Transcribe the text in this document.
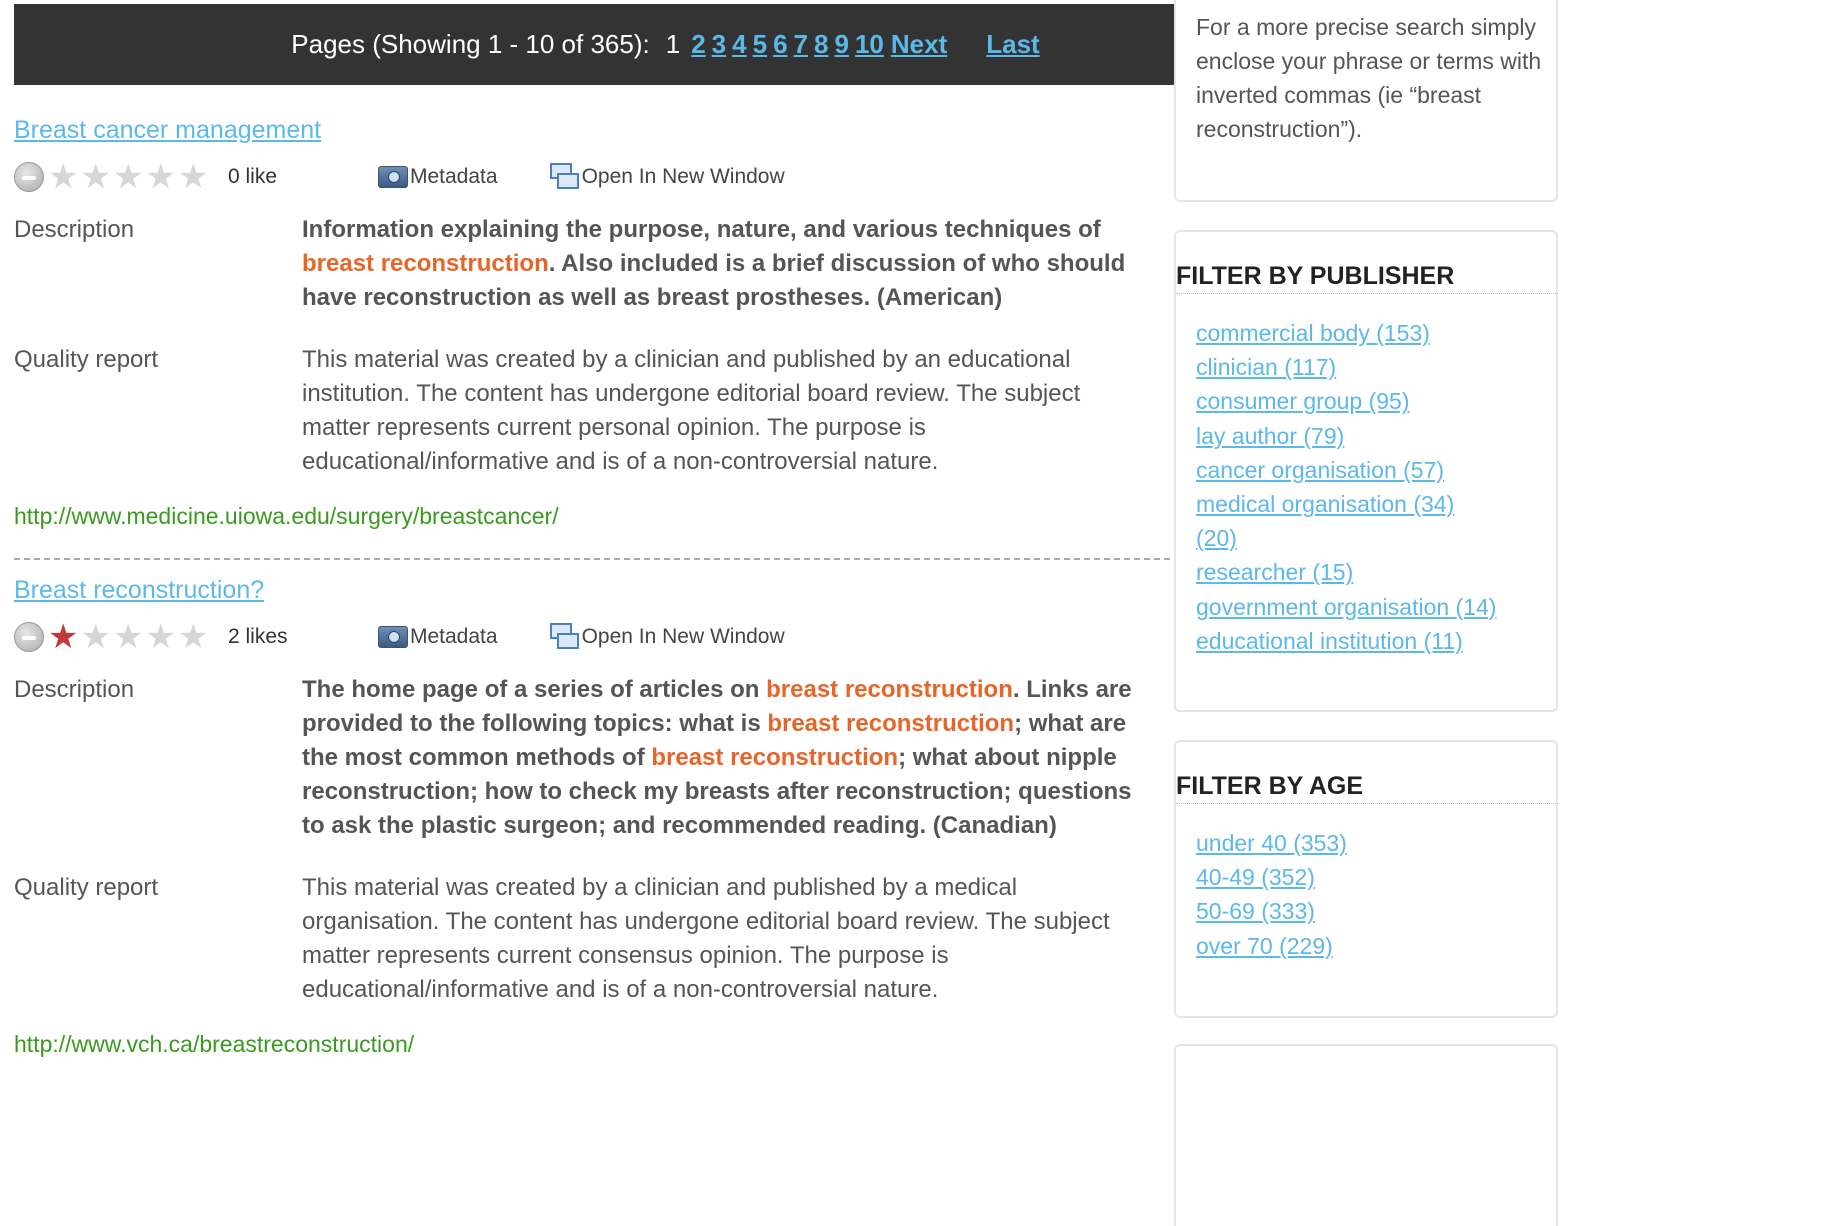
Pages (Showing 1 - 10 of 365): 1 2 3 4 5 6 7 8 9 10 Next Last
Breast cancer management
★ ★ ★ ★ ★ 0 like	Metadata	Open In New Window
Description	Information explaining the purpose, nature, and various techniques of breast reconstruction. Also included is a brief discussion of who should have reconstruction as well as breast prostheses. (American)
Quality report	This material was created by a clinician and published by an educational institution. The content has undergone editorial board review. The subject matter represents current personal opinion. The purpose is educational/informative and is of a non-controversial nature.
http://www.medicine.uiowa.edu/surgery/breastcancer/
Breast reconstruction?
★ ★ ★ ★ ★ 2 likes	Metadata	Open In New Window
Description	The home page of a series of articles on breast reconstruction. Links are provided to the following topics: what is breast reconstruction; what are the most common methods of breast reconstruction; what about nipple reconstruction; how to check my breasts after reconstruction; questions to ask the plastic surgeon; and recommended reading. (Canadian)
Quality report	This material was created by a clinician and published by a medical organisation. The content has undergone editorial board review. The subject matter represents current consensus opinion. The purpose is educational/informative and is of a non-controversial nature.
http://www.vch.ca/breastreconstruction/

For a more precise search simply enclose your phrase or terms with inverted commas (ie “breast reconstruction”).

FILTER BY PUBLISHER
commercial body (153)
clinician (117)
consumer group (95)
lay author (79)
cancer organisation (57)
medical organisation (34)
(20)
researcher (15)
government organisation (14)
educational institution (11)
FILTER BY AGE
under 40 (353)
40-49 (352)
50-69 (333)
over 70 (229)
